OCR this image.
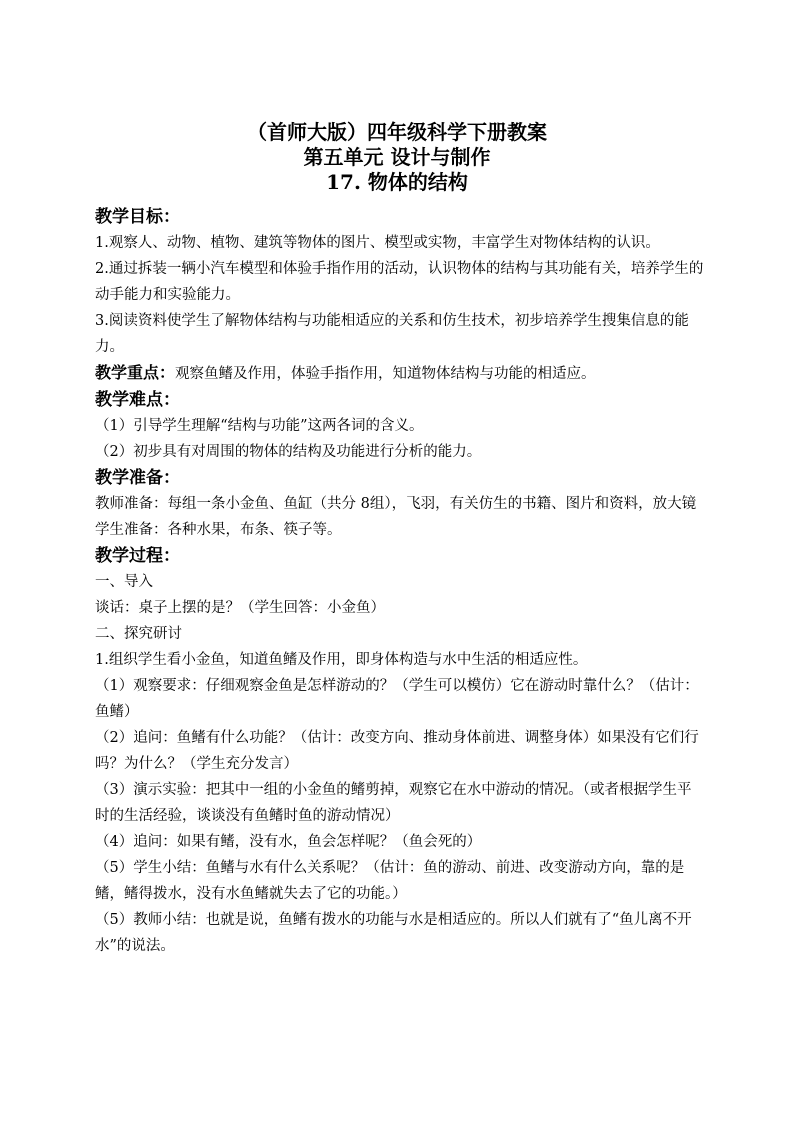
（首师大版）四年级科学下册教案
第五单元 设计与制作
17. 物体的结构

教学目标：

1.观察人、动物、植物、建筑等物体的图片、模型或实物，丰富学生对物体结构的认识。

2.通过拆装一辆小汽车模型和体验手指作用的活动，认识物体的结构与其功能有关，培养学生的动手能力和实验能力。

3.阅读资料使学生了解物体结构与功能相适应的关系和仿生技术，初步培养学生搜集信息的能力。

教学重点：观察鱼鳍及作用，体验手指作用，知道物体结构与功能的相适应。

教学难点：

（1）引导学生理解“结构与功能”这两各词的含义。

（2）初步具有对周围的物体的结构及功能进行分析的能力。

教学准备：

教师准备：每组一条小金鱼、鱼缸（共分 8组），飞羽，有关仿生的书籍、图片和资料，放大镜

学生准备：各种水果，布条、筷子等。

教学过程：

一、导入

谈话：桌子上摆的是？（学生回答：小金鱼）

二、探究研讨

1.组织学生看小金鱼，知道鱼鳍及作用，即身体构造与水中生活的相适应性。

（1）观察要求：仔细观察金鱼是怎样游动的？（学生可以模仿）它在游动时靠什么？（估计：鱼鳍）

（2）追问：鱼鳍有什么功能？（估计：改变方向、推动身体前进、调整身体）如果没有它们行吗？为什么？（学生充分发言）

（3）演示实验：把其中一组的小金鱼的鳍剪掉，观察它在水中游动的情况。（或者根据学生平时的生活经验，谈谈没有鱼鳍时鱼的游动情况）

（4）追问：如果有鳍，没有水，鱼会怎样呢？（鱼会死的）

（5）学生小结：鱼鳍与水有什么关系呢？（估计：鱼的游动、前进、改变游动方向，靠的是鳍，鳍得拨水，没有水鱼鳍就失去了它的功能。）

（5）教师小结：也就是说，鱼鳍有拨水的功能与水是相适应的。所以人们就有了“鱼儿离不开水”的说法。
